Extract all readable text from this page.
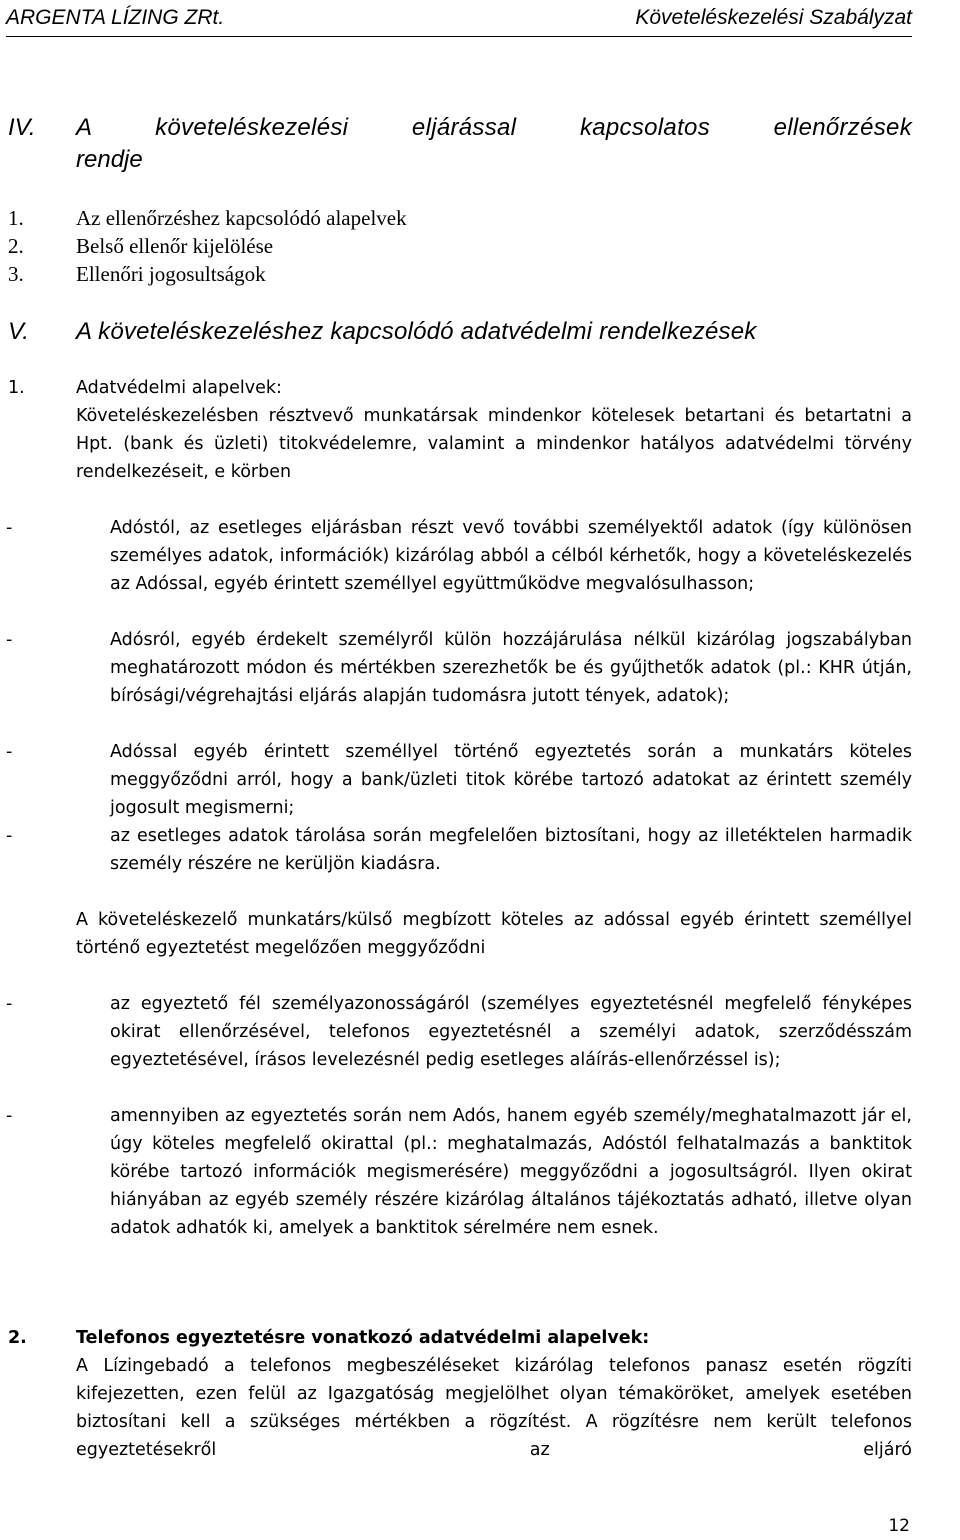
ARGENTA LÍZING ZRt.	Követeléskezelési Szabályzat
IV. A követeléskezelési eljárással kapcsolatos ellenőrzések
rendje
1. Az ellenőrzéshez kapcsolódó alapelvek
2. Belső ellenőr kijelölése
3. Ellenőri jogosultságok
V. A követeléskezeléshez kapcsolódó adatvédelmi rendelkezések
1.	Adatvédelmi alapelvek:
Követeléskezelésben résztvevő munkatársak mindenkor kötelesek betartani és betartatni a Hpt. (bank és üzleti) titokvédelemre, valamint a mindenkor hatályos adatvédelmi törvény rendelkezéseit, e körben
-	Adóstól, az esetleges eljárásban részt vevő további személyektől adatok (így különösen személyes adatok, információk) kizárólag abból a célból kérhetők, hogy a követeléskezelés az Adóssal, egyéb érintett személlyel együttműködve megvalósulhasson;
-	Adósról, egyéb érdekelt személyről külön hozzájárulása nélkül kizárólag jogszabályban meghatározott módon és mértékben szerezhetők be és gyűjthetők adatok (pl.: KHR útján, bírósági/végrehajtási eljárás alapján tudomásra jutott tények, adatok);
-	Adóssal egyéb érintett személlyel történő egyeztetés során a munkatárs köteles meggyőződni arról, hogy a bank/üzleti titok körébe tartozó adatokat az érintett személy jogosult megismerni;
-	az esetleges adatok tárolása során megfelelően biztosítani, hogy az illetéktelen harmadik személy részére ne kerüljön kiadásra.
A követeléskezelő munkatárs/külső megbízott köteles az adóssal egyéb érintett személlyel történő egyeztetést megelőzően meggyőződni
-	az egyeztető fél személyazonosságáról (személyes egyeztetésnél megfelelő fényképes okirat ellenőrzésével, telefonos egyeztetésnél a személyi adatok, szerződésszám egyeztetésével, írásos levelezésnél pedig esetleges aláírás-ellenőrzéssel is);
-	amennyiben az egyeztetés során nem Adós, hanem egyéb személy/meghatalmazott jár el, úgy köteles megfelelő okirattal (pl.: meghatalmazás, Adóstól felhatalmazás a banktitok körébe tartozó információk megismerésére) meggyőződni a jogosultságról. Ilyen okirat hiányában az egyéb személy részére kizárólag általános tájékoztatás adható, illetve olyan adatok adhatók ki, amelyek a banktitok sérelmére nem esnek.
2.	Telefonos egyeztetésre vonatkozó adatvédelmi alapelvek:
A Lízingebadó a telefonos megbeszéléseket kizárólag telefonos panasz esetén rögzíti kifejezetten, ezen felül az Igazgatóság megjelölhet olyan témaköröket, amelyek esetében biztosítani kell a szükséges mértékben a rögzítést. A rögzítésre nem került telefonos egyeztetésekről az eljáró
12
